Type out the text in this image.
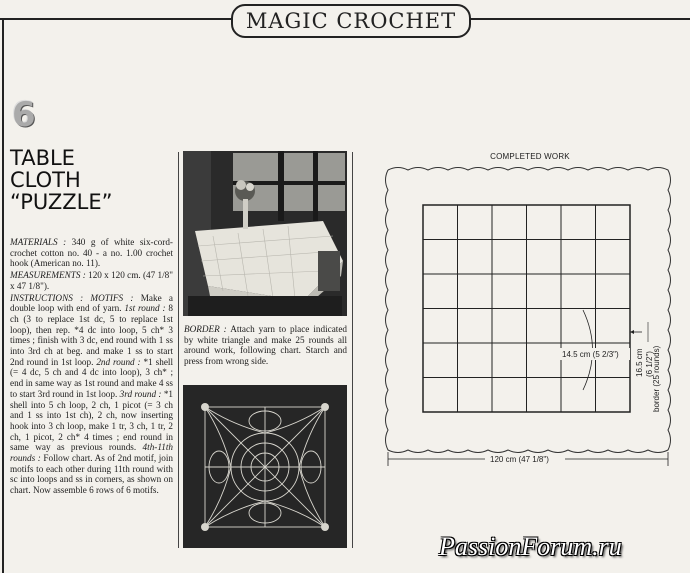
MAGIC CROCHET
6
TABLE
CLOTH
“PUZZLE”

MATERIALS : 340 g of white six-cord-crochet cotton no. 40 - a no. 1.00 crochet hook (American no. 11).

MEASUREMENTS : 120 x 120 cm. (47 1/8" x 47 1/8").

INSTRUCTIONS : MOTIFS : Make a double loop with end of yarn. 1st round : 8 ch (3 to replace 1st dc, 5 to replace 1st loop), then rep. *4 dc into loop, 5 ch* 3 times ; finish with 3 dc, end round with 1 ss into 3rd ch at beg. and make 1 ss to start 2nd round in 1st loop. 2nd round : *1 shell (= 4 dc, 5 ch and 4 dc into loop), 3 ch* ; end in same way as 1st round and make 4 ss to start 3rd round in 1st loop. 3rd round : *1 shell into 5 ch loop, 2 ch, 1 picot (= 3 ch and 1 ss into 1st ch), 2 ch, now inserting hook into 3 ch loop, make 1 tr, 3 ch, 1 tr, 2 ch, 1 picot, 2 ch* 4 times ; end round in same way as previous rounds. 4th-11th rounds : Follow chart. As of 2nd motif, join motifs to each other during 11th round with sc into loops and ss in corners, as shown on chart. Now assemble 6 rows of 6 motifs.

BORDER : Attach yarn to place indicated by white triangle and make 25 rounds all around work, following chart. Starch and press from wrong side.
COMPLETED WORK
14.5 cm (5 2/3")	border (25 rounds)
16.5 cm (6 1/2")
120 cm (47 1/8")
PassionForum.ru
